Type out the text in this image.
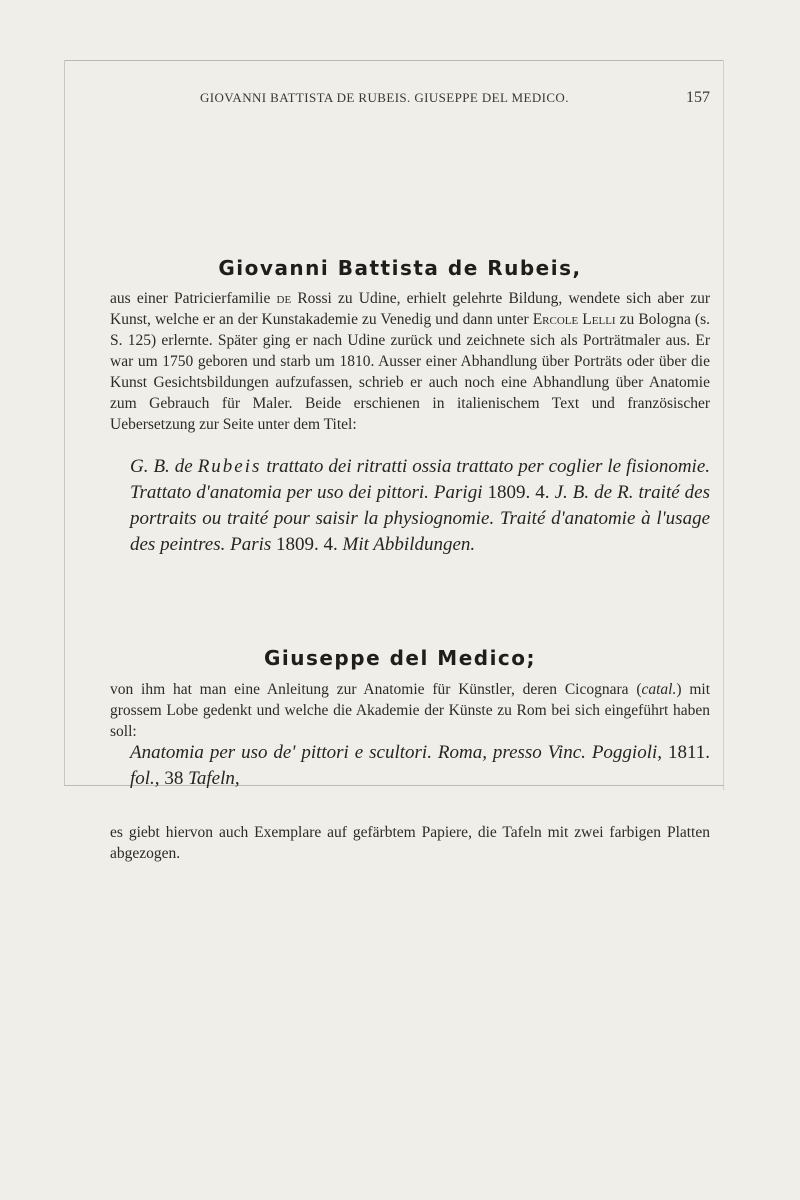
GIOVANNI BATTISTA DE RUBEIS. GIUSEPPE DEL MEDICO.	157
Giovanni Battista de Rubeis,
aus einer Patricierfamilie de Rossi zu Udine, erhielt gelehrte Bildung, wendete sich aber zur Kunst, welche er an der Kunstakademie zu Venedig und dann unter Ercole Lelli zu Bologna (s. S. 125) erlernte. Später ging er nach Udine zurück und zeichnete sich als Porträtmaler aus. Er war um 1750 geboren und starb um 1810. Ausser einer Abhandlung über Porträts oder über die Kunst Gesichtsbildungen aufzufassen, schrieb er auch noch eine Abhandlung über Anatomie zum Gebrauch für Maler. Beide erschienen in italienischem Text und französischer Uebersetzung zur Seite unter dem Titel:
G. B. de Rubeis trattato dei ritratti ossia trattato per coglier le fisionomie. Trattato d'anatomia per uso dei pittori. Parigi 1809. 4. J. B. de R. traité des portraits ou traité pour saisir la physiognomie. Traité d'anatomie à l'usage des peintres. Paris 1809. 4. Mit Abbildungen.
Giuseppe del Medico;
von ihm hat man eine Anleitung zur Anatomie für Künstler, deren Cicognara (catal.) mit grossem Lobe gedenkt und welche die Akademie der Künste zu Rom bei sich eingeführt haben soll:
Anatomia per uso de' pittori e scultori. Roma, presso Vinc. Poggioli, 1811. fol., 38 Tafeln,
es giebt hiervon auch Exemplare auf gefärbtem Papiere, die Tafeln mit zwei farbigen Platten abgezogen.
